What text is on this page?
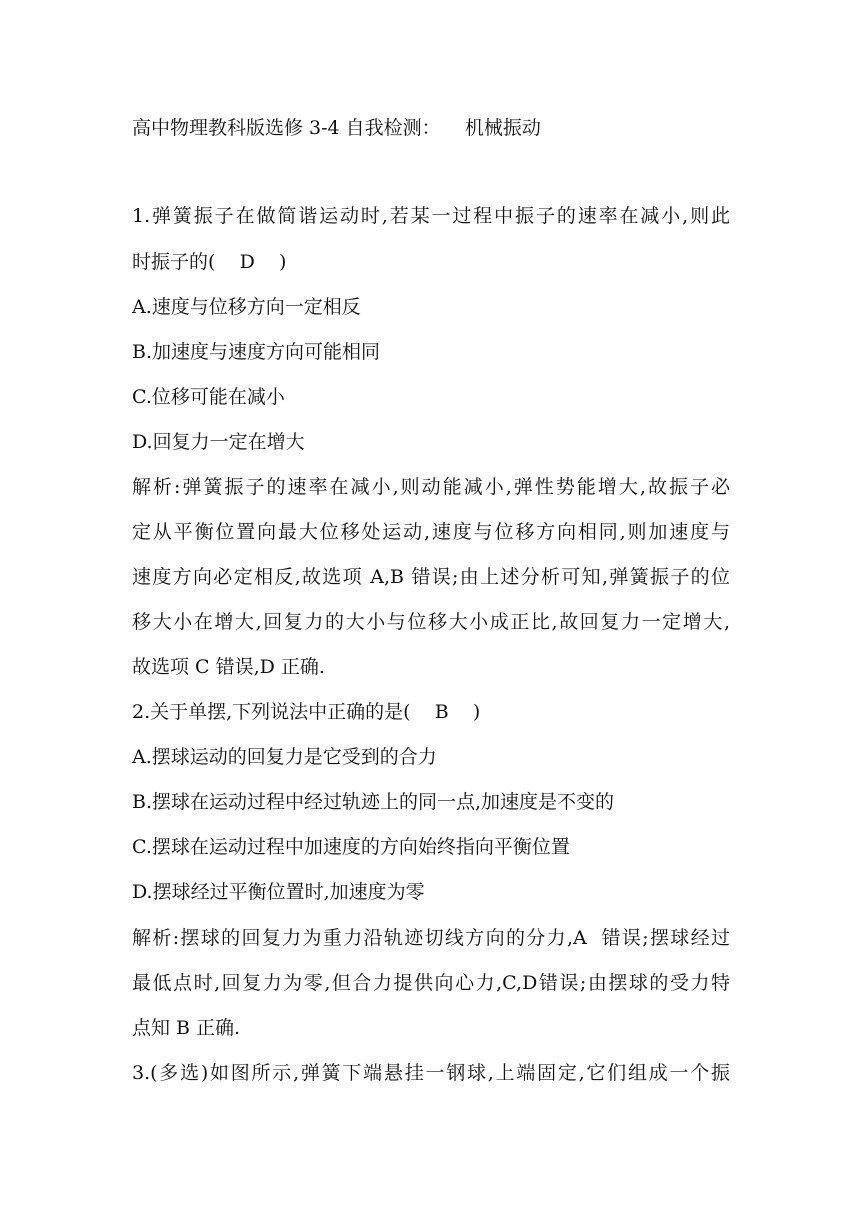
高中物理教科版选修 3-4 自我检测：    机械振动
1.弹簧振子在做简谐运动时,若某一过程中振子的速率在减小,则此
时振子的(    D    )
A.速度与位移方向一定相反
B.加速度与速度方向可能相同
C.位移可能在减小
D.回复力一定在增大
解析:弹簧振子的速率在减小,则动能减小,弹性势能增大,故振子必
定从平衡位置向最大位移处运动,速度与位移方向相同,则加速度与
速度方向必定相反,故选项 A,B 错误;由上述分析可知,弹簧振子的位
移大小在增大,回复力的大小与位移大小成正比,故回复力一定增大,
故选项 C 错误,D 正确.
2.关于单摆,下列说法中正确的是(    B    )
A.摆球运动的回复力是它受到的合力
B.摆球在运动过程中经过轨迹上的同一点,加速度是不变的
C.摆球在运动过程中加速度的方向始终指向平衡位置
D.摆球经过平衡位置时,加速度为零
解析:摆球的回复力为重力沿轨迹切线方向的分力,A  错误;摆球经过
最低点时,回复力为零,但合力提供向心力,C,D错误;由摆球的受力特
点知 B 正确.
3.(多选)如图所示,弹簧下端悬挂一钢球,上端固定,它们组成一个振
